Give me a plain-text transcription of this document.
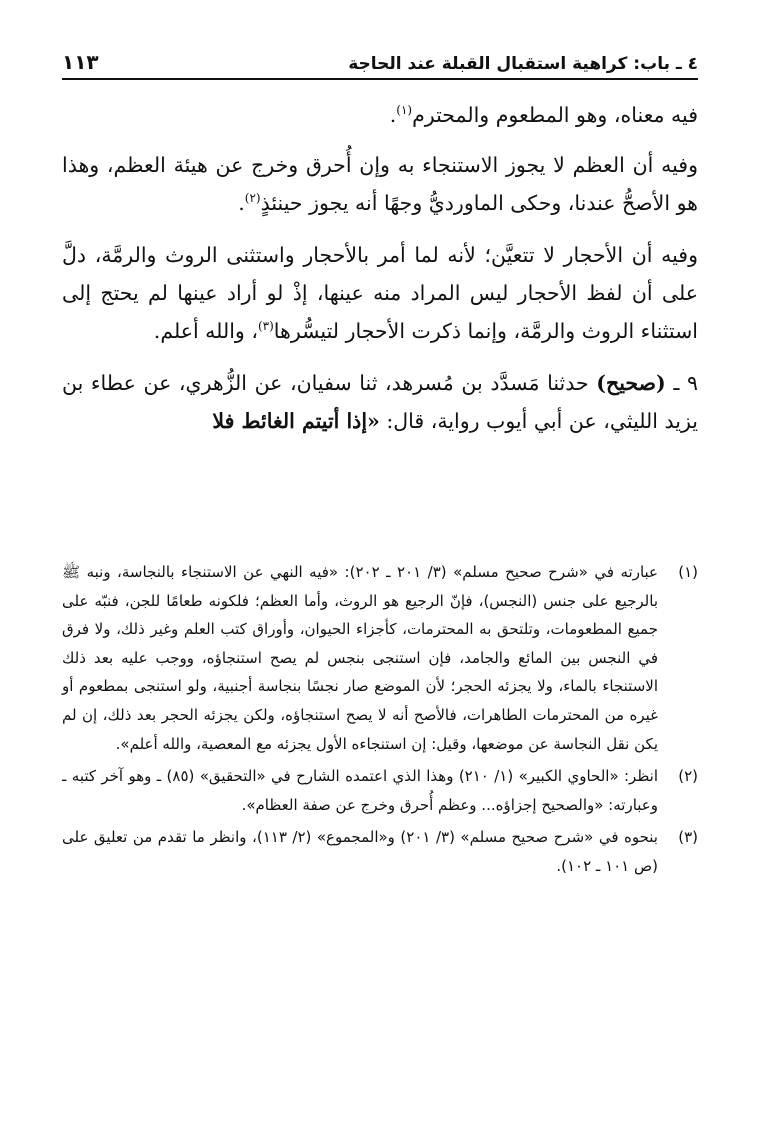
٤ ـ باب: كراهية استقبال القبلة عند الحاجة
١١٣

فيه معناه، وهو المطعوم والمحترم$^{(١)}$.

وفيه أن العظم لا يجوز الاستنجاء به وإن أُحرق وخرج عن هيئة العظم، وهذا هو الأصحُّ عندنا، وحكى الماورديُّ وجهًا أنه يجوز حينئذٍ$^{(٢)}$.

وفيه أن الأحجار لا تتعيَّن؛ لأنه لما أمر بالأحجار واستثنى الروث والرمَّة، دلَّ على أن لفظ الأحجار ليس المراد منه عينها، إذْ لو أراد عينها لم يحتج إلى استثناء الروث والرمَّة، وإنما ذكرت الأحجار لتيسُّرها$^{(٣)}$، والله أعلم.

٩ ـ (صحيح) حدثنا مَسدَّد بن مُسرهد، ثنا سفيان، عن الزُّهري، عن عطاء بن يزيد الليثي، عن أبي أيوب رواية، قال: «إذا أتيتم الغائط فلا

(١)
عبارته في «شرح صحيح مسلم» (٣/ ٢٠١ ـ ٢٠٢): «فيه النهي عن الاستنجاء بالنجاسة، ونبه ﷺ بالرجيع على جنس (النجس)، فإنّ الرجيع هو الروث، وأما العظم؛ فلكونه طعامًا للجن، فنبّه على جميع المطعومات، وتلتحق به المحترمات، كأجزاء الحيوان، وأوراق كتب العلم وغير ذلك، ولا فرق في النجس بين المائع والجامد، فإن استنجى بنجس لم يصح استنجاؤه، ووجب عليه بعد ذلك الاستنجاء بالماء، ولا يجزئه الحجر؛ لأن الموضع صار نجسًا بنجاسة أجنبية، ولو استنجى بمطعوم أو غيره من المحترمات الطاهرات، فالأصح أنه لا يصح استنجاؤه، ولكن يجزئه الحجر بعد ذلك، إن لم يكن نقل النجاسة عن موضعها، وقيل: إن استنجاءه الأول يجزئه مع المعصية، والله أعلم».
(٢)
انظر: «الحاوي الكبير» (١/ ٢١٠) وهذا الذي اعتمده الشارح في «التحقيق» (٨٥) ـ وهو آخر كتبه ـ وعبارته: «والصحيح إجزاؤه... وعظم أُحرق وخرج عن صفة العظام».
(٣)
بنحوه في «شرح صحيح مسلم» (٣/ ٢٠١) و«المجموع» (٢/ ١١٣)، وانظر ما تقدم من تعليق على (ص ١٠١ ـ ١٠٢).
